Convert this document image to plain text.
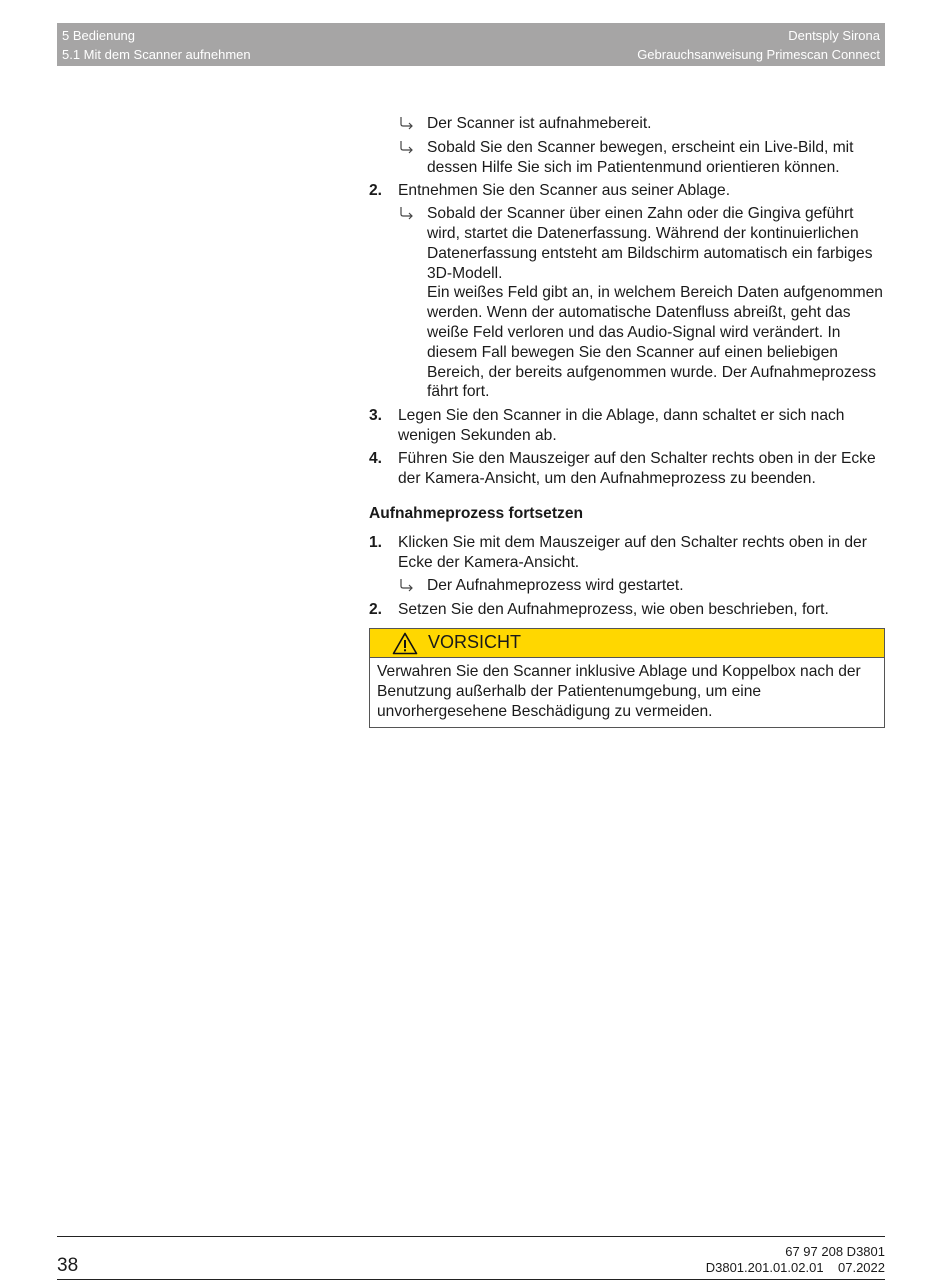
5 Bedienung
5.1 Mit dem Scanner aufnehmen
Dentsply Sirona
Gebrauchsanweisung Primescan Connect

Der Scanner ist aufnahmebereit.

Sobald Sie den Scanner bewegen, erscheint ein Live-Bild, mit dessen Hilfe Sie sich im Patientenmund orientieren können.

2. Entnehmen Sie den Scanner aus seiner Ablage.

Sobald der Scanner über einen Zahn oder die Gingiva geführt wird, startet die Datenerfassung. Während der kontinuierlichen Datenerfassung entsteht am Bildschirm automatisch ein farbiges 3D-Modell.

Ein weißes Feld gibt an, in welchem Bereich Daten aufgenommen werden. Wenn der automatische Datenfluss abreißt, geht das weiße Feld verloren und das Audio-Signal wird verändert. In diesem Fall bewegen Sie den Scanner auf einen beliebigen Bereich, der bereits aufgenommen wurde. Der Aufnahmeprozess fährt fort.

3. Legen Sie den Scanner in die Ablage, dann schaltet er sich nach wenigen Sekunden ab.
4. Führen Sie den Mauszeiger auf den Schalter rechts oben in der Ecke der Kamera-Ansicht, um den Aufnahmeprozess zu beenden.
Aufnahmeprozess fortsetzen
1. Klicken Sie mit dem Mauszeiger auf den Schalter rechts oben in der Ecke der Kamera-Ansicht.

Der Aufnahmeprozess wird gestartet.

2. Setzen Sie den Aufnahmeprozess, wie oben beschrieben, fort.
VORSICHT
Verwahren Sie den Scanner inklusive Ablage und Koppelbox nach der Benutzung außerhalb der Patientenumgebung, um eine unvorhergesehene Beschädigung zu vermeiden.
38
67 97 208 D3801
D3801.201.01.02.01 07.2022
